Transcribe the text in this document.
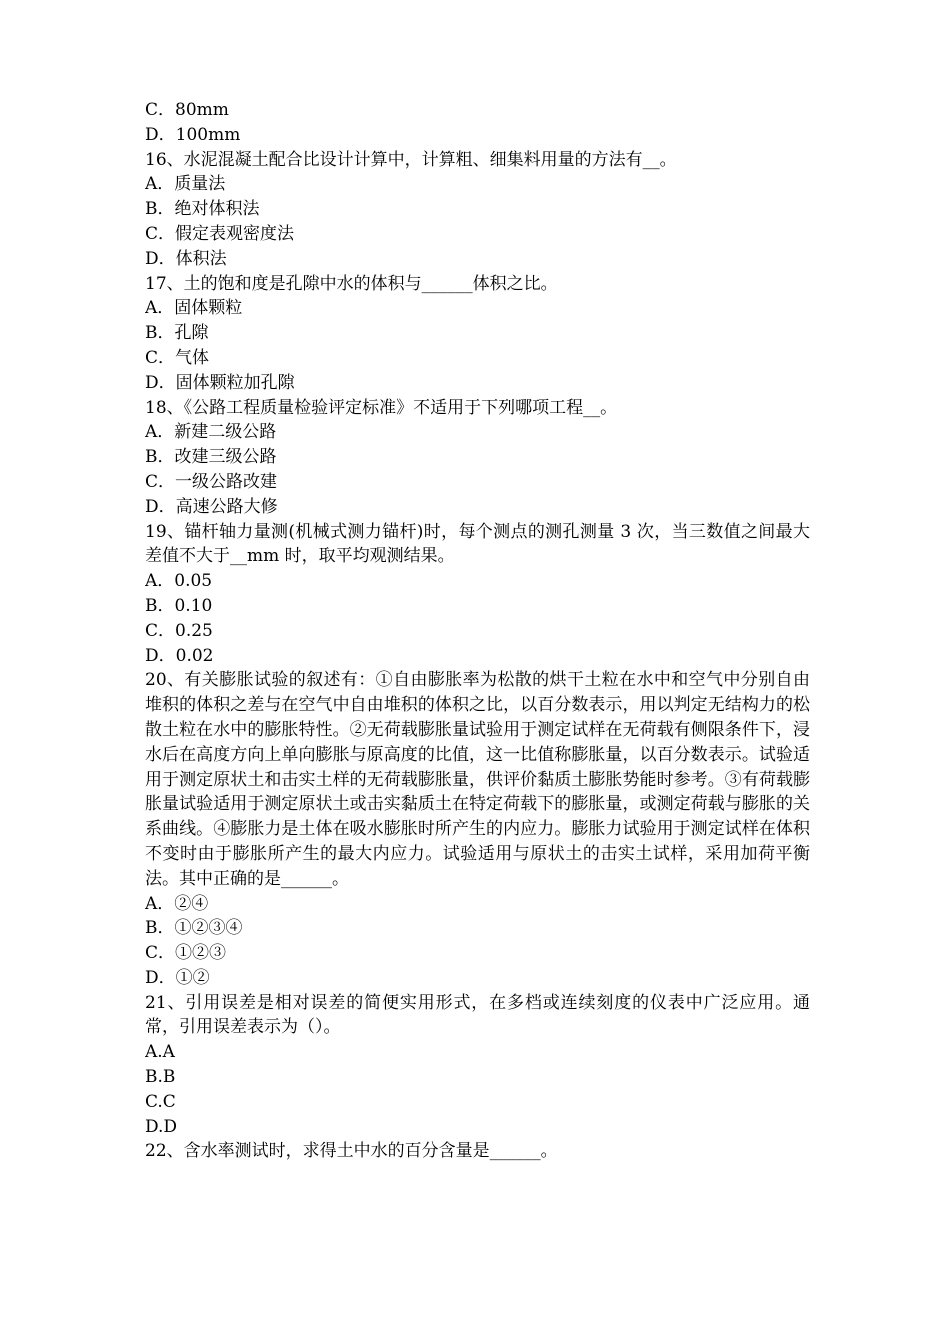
C．80mm
D．100mm
16、水泥混凝土配合比设计计算中，计算粗、细集料用量的方法有__。
A．质量法
B．绝对体积法
C．假定表观密度法
D．体积法
17、土的饱和度是孔隙中水的体积与______体积之比。
A．固体颗粒
B．孔隙
C．气体
D．固体颗粒加孔隙
18、《公路工程质量检验评定标准》不适用于下列哪项工程__。
A．新建二级公路
B．改建三级公路
C．一级公路改建
D．高速公路大修
19、锚杆轴力量测(机械式测力锚杆)时，每个测点的测孔测量 3 次，当三数值之间最大差值不大于__mm 时，取平均观测结果。
A．0.05
B．0.10
C．0.25
D．0.02
20、有关膨胀试验的叙述有：①自由膨胀率为松散的烘干土粒在水中和空气中分别自由堆积的体积之差与在空气中自由堆积的体积之比，以百分数表示，用以判定无结构力的松散土粒在水中的膨胀特性。②无荷载膨胀量试验用于测定试样在无荷载有侧限条件下，浸水后在高度方向上单向膨胀与原高度的比值，这一比值称膨胀量，以百分数表示。试验适用于测定原状土和击实土样的无荷载膨胀量，供评价黏质土膨胀势能时参考。③有荷载膨胀量试验适用于测定原状土或击实黏质土在特定荷载下的膨胀量，或测定荷载与膨胀的关系曲线。④膨胀力是土体在吸水膨胀时所产生的内应力。膨胀力试验用于测定试样在体积不变时由于膨胀所产生的最大内应力。试验适用与原状土的击实土试样，采用加荷平衡法。其中正确的是______。
A．②④
B．①②③④
C．①②③
D．①②
21、引用误差是相对误差的简便实用形式，在多档或连续刻度的仪表中广泛应用。通常，引用误差表示为（）。
A.A
B.B
C.C
D.D
22、含水率测试时，求得土中水的百分含量是______。
